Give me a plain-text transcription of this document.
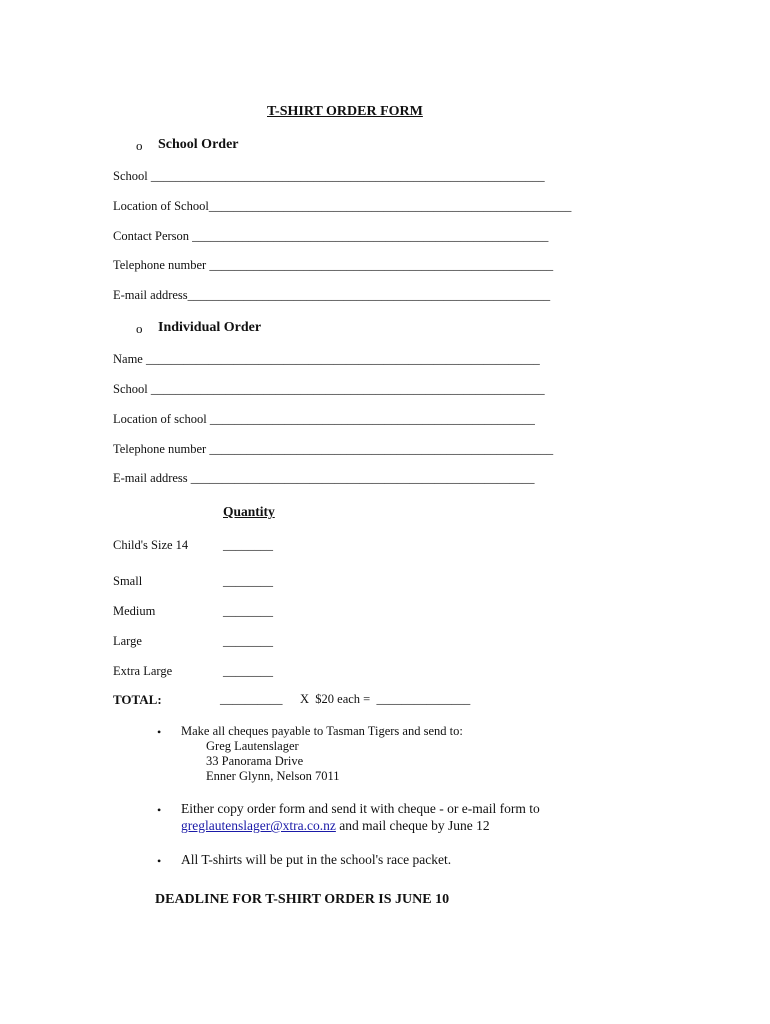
T-SHIRT ORDER FORM
o School Order
School _______________________________________________________________
Location of School__________________________________________________________
Contact Person _________________________________________________________
Telephone number _______________________________________________________
E-mail address__________________________________________________________
o Individual Order
Name _______________________________________________________________
School _______________________________________________________________
Location of school ____________________________________________________
Telephone number _______________________________________________________
E-mail address _______________________________________________________
Quantity
Child's Size 14	________
Small	________
Medium	________
Large	________
Extra Large	________
TOTAL:	__________ X  $20 each =  _______________
• Make all cheques payable to Tasman Tigers and send to:
Greg Lautenslager
33 Panorama Drive
Enner Glynn, Nelson 7011
• Either copy order form and send it with cheque - or e-mail form to
greglautenslager@xtra.co.nz and mail cheque by June 12
• All T-shirts will be put in the school's race packet.
DEADLINE FOR T-SHIRT ORDER IS JUNE 10
